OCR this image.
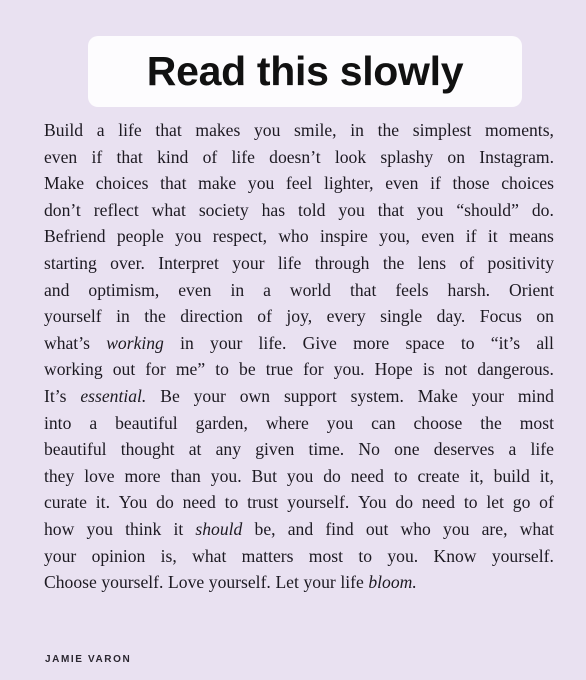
Read this slowly
Build a life that makes you smile, in the simplest moments,
even if that kind of life doesn’t look splashy on Instagram.
Make choices that make you feel lighter, even if those choices
don’t reflect what society has told you that you “should” do.
Befriend people you respect, who inspire you, even if it means
starting over. Interpret your life through the lens of positivity
and optimism, even in a world that feels harsh. Orient
yourself in the direction of joy, every single day. Focus on
what’s working in your life. Give more space to “it’s all
working out for me” to be true for you. Hope is not dangerous.
It’s essential. Be your own support system. Make your mind
into a beautiful garden, where you can choose the most
beautiful thought at any given time. No one deserves a life
they love more than you. But you do need to create it, build it,
curate it. You do need to trust yourself. You do need to let go of
how you think it should be, and find out who you are, what
your opinion is, what matters most to you. Know yourself.
Choose yourself. Love yourself. Let your life bloom.
JAMIE VARON
